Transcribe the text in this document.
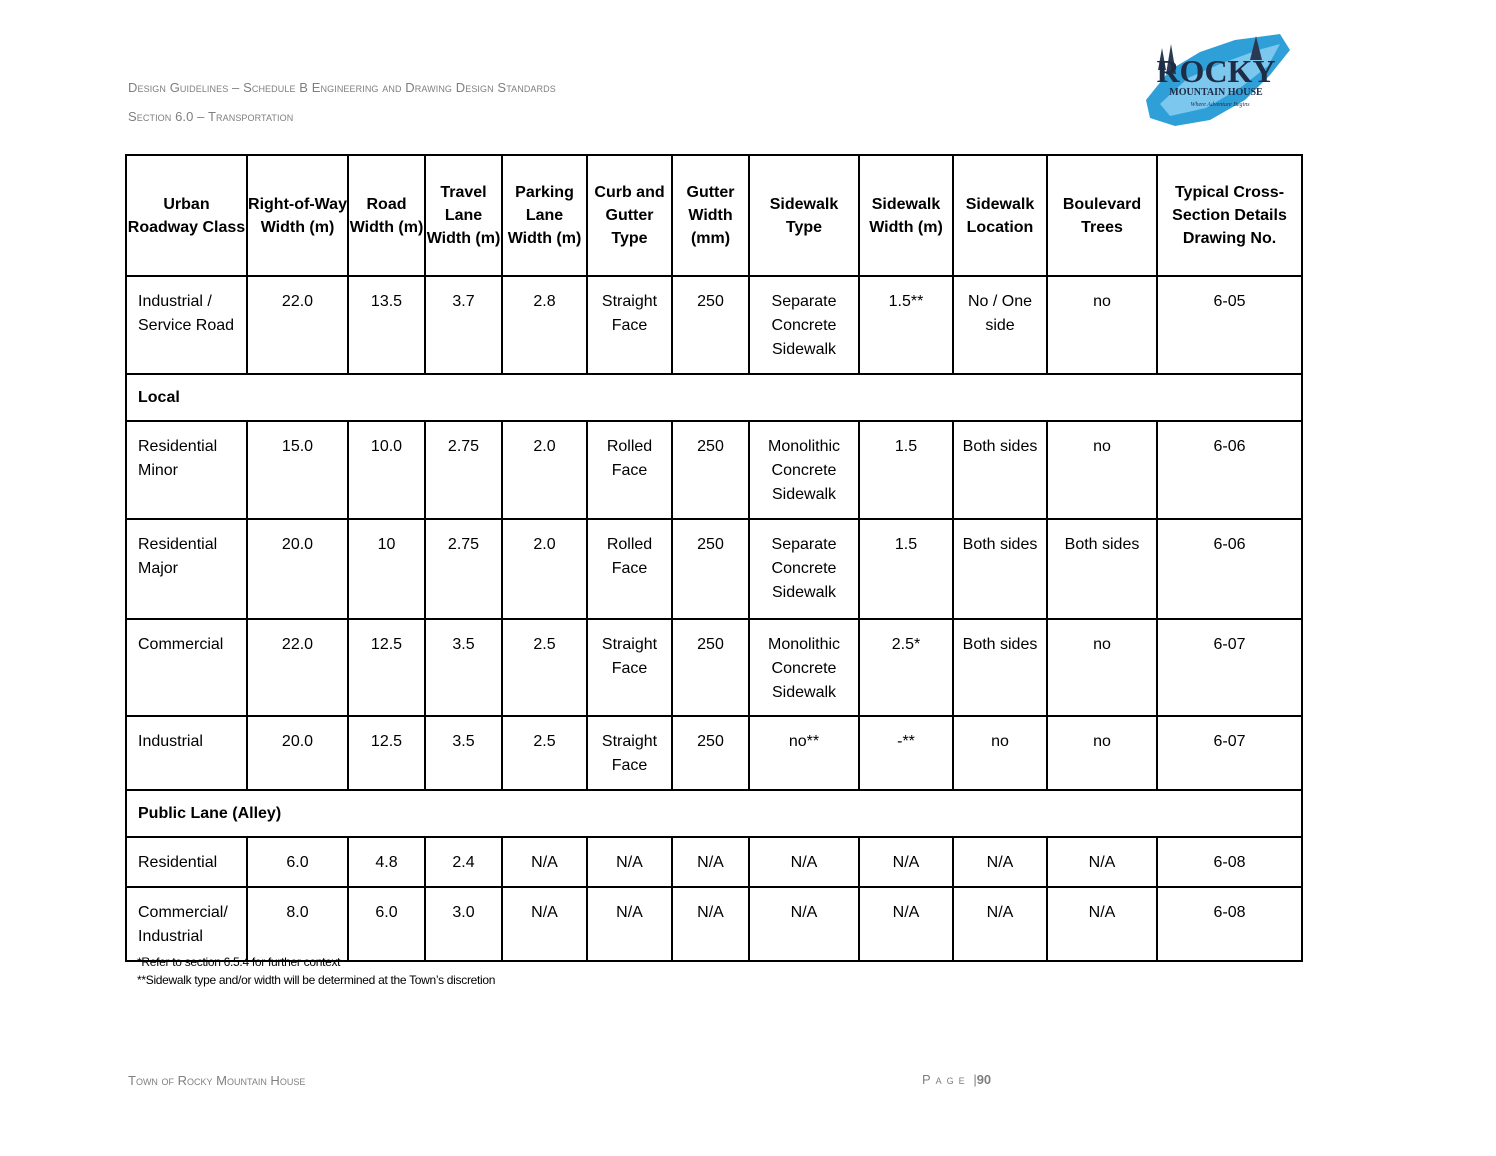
Design Guidelines – Schedule B Engineering and Drawing Design Standards
Section 6.0 – Transportation
ROCKY
MOUNTAIN HOUSE
Where Adventure Begins
Urban Roadway Class	Right-of-Way Width (m)	Road Width (m)	Travel Lane Width (m)	Parking Lane Width (m)	Curb and Gutter Type	Gutter Width (mm)	Sidewalk Type	Sidewalk Width (m)	Sidewalk Location	Boulevard Trees	Typical Cross-Section Details Drawing No.
Industrial / Service Road	22.0	13.5	3.7	2.8	Straight Face	250	Separate Concrete Sidewalk	1.5**	No / One side	no	6-05
Local											
Residential Minor	15.0	10.0	2.75	2.0	Rolled Face	250	Monolithic Concrete Sidewalk	1.5	Both sides	no	6-06
Residential Major	20.0	10	2.75	2.0	Rolled Face	250	Separate Concrete Sidewalk	1.5	Both sides	Both sides	6-06
Commercial	22.0	12.5	3.5	2.5	Straight Face	250	Monolithic Concrete Sidewalk	2.5*	Both sides	no	6-07
Industrial	20.0	12.5	3.5	2.5	Straight Face	250	no**	-**	no	no	6-07
Public Lane (Alley)											
Residential	6.0	4.8	2.4	N/A	N/A	N/A	N/A	N/A	N/A	N/A	6-08
Commercial/ Industrial	8.0	6.0	3.0	N/A	N/A	N/A	N/A	N/A	N/A	N/A	6-08
*Refer to section 6.5.4 for further context
**Sidewalk type and/or width will be determined at the Town’s discretion
Town of Rocky Mountain House	Page |90
